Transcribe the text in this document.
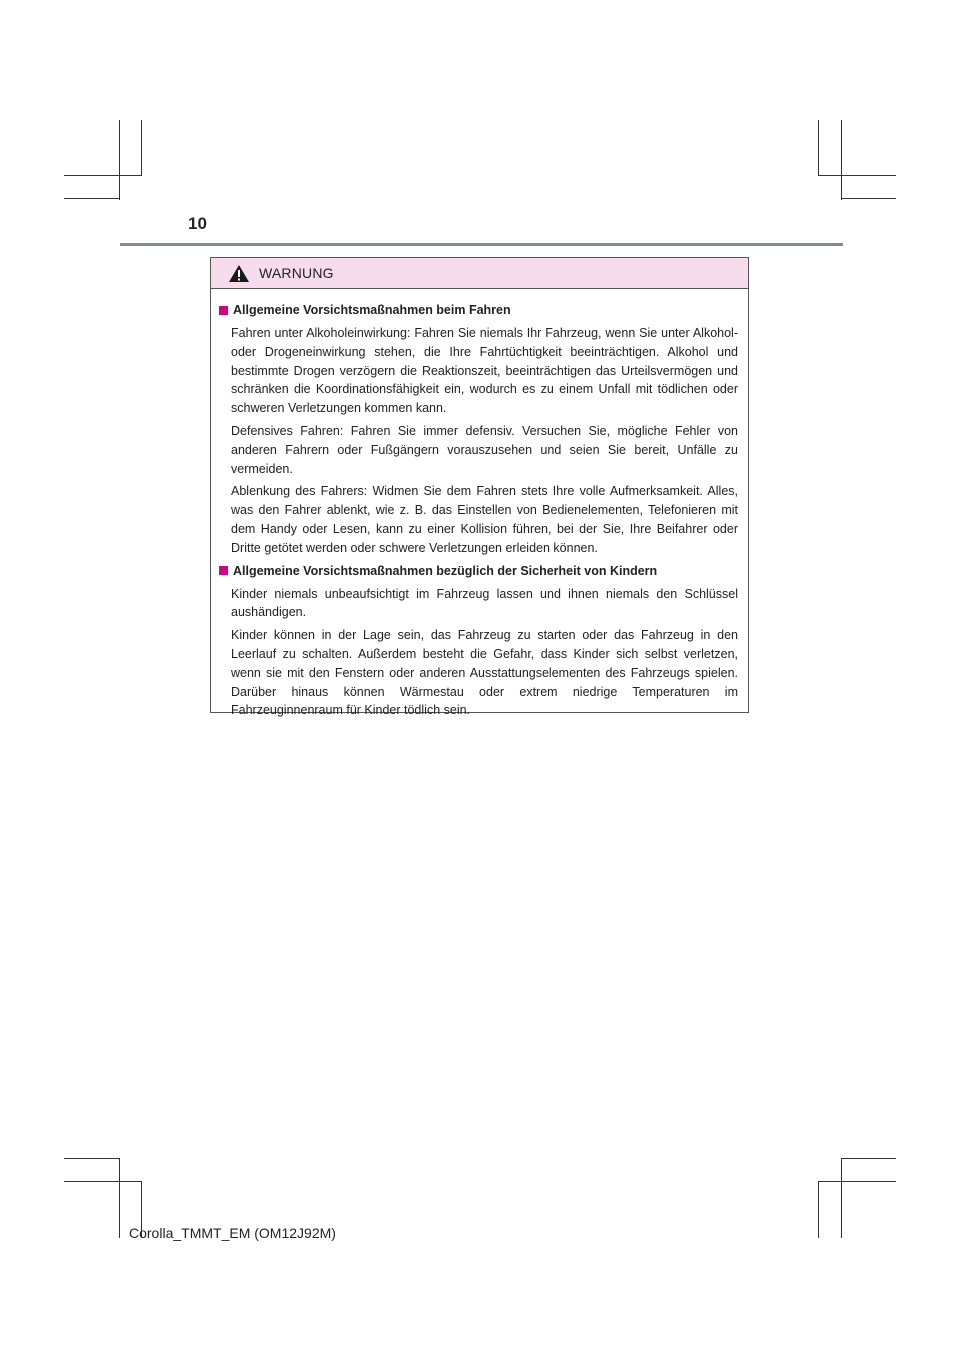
10
WARNUNG
Allgemeine Vorsichtsmaßnahmen beim Fahren

Fahren unter Alkoholeinwirkung: Fahren Sie niemals Ihr Fahrzeug, wenn Sie unter Alkohol- oder Drogeneinwirkung stehen, die Ihre Fahrtüchtigkeit beeinträchtigen. Alkohol und bestimmte Drogen verzögern die Reaktionszeit, beeinträchtigen das Urteilsvermögen und schränken die Koordinationsfähigkeit ein, wodurch es zu einem Unfall mit tödlichen oder schweren Verletzungen kommen kann.

Defensives Fahren: Fahren Sie immer defensiv. Versuchen Sie, mögliche Fehler von anderen Fahrern oder Fußgängern vorauszusehen und seien Sie bereit, Unfälle zu vermeiden.

Ablenkung des Fahrers: Widmen Sie dem Fahren stets Ihre volle Aufmerksamkeit. Alles, was den Fahrer ablenkt, wie z. B. das Einstellen von Bedienelementen, Telefonieren mit dem Handy oder Lesen, kann zu einer Kollision führen, bei der Sie, Ihre Beifahrer oder Dritte getötet werden oder schwere Verletzungen erleiden können.

Allgemeine Vorsichtsmaßnahmen bezüglich der Sicherheit von Kindern

Kinder niemals unbeaufsichtigt im Fahrzeug lassen und ihnen niemals den Schlüssel aushändigen.

Kinder können in der Lage sein, das Fahrzeug zu starten oder das Fahrzeug in den Leerlauf zu schalten. Außerdem besteht die Gefahr, dass Kinder sich selbst verletzen, wenn sie mit den Fenstern oder anderen Ausstattungselementen des Fahrzeugs spielen. Darüber hinaus können Wärmestau oder extrem niedrige Temperaturen im Fahrzeuginnenraum für Kinder tödlich sein.

Corolla_TMMT_EM (OM12J92M)
